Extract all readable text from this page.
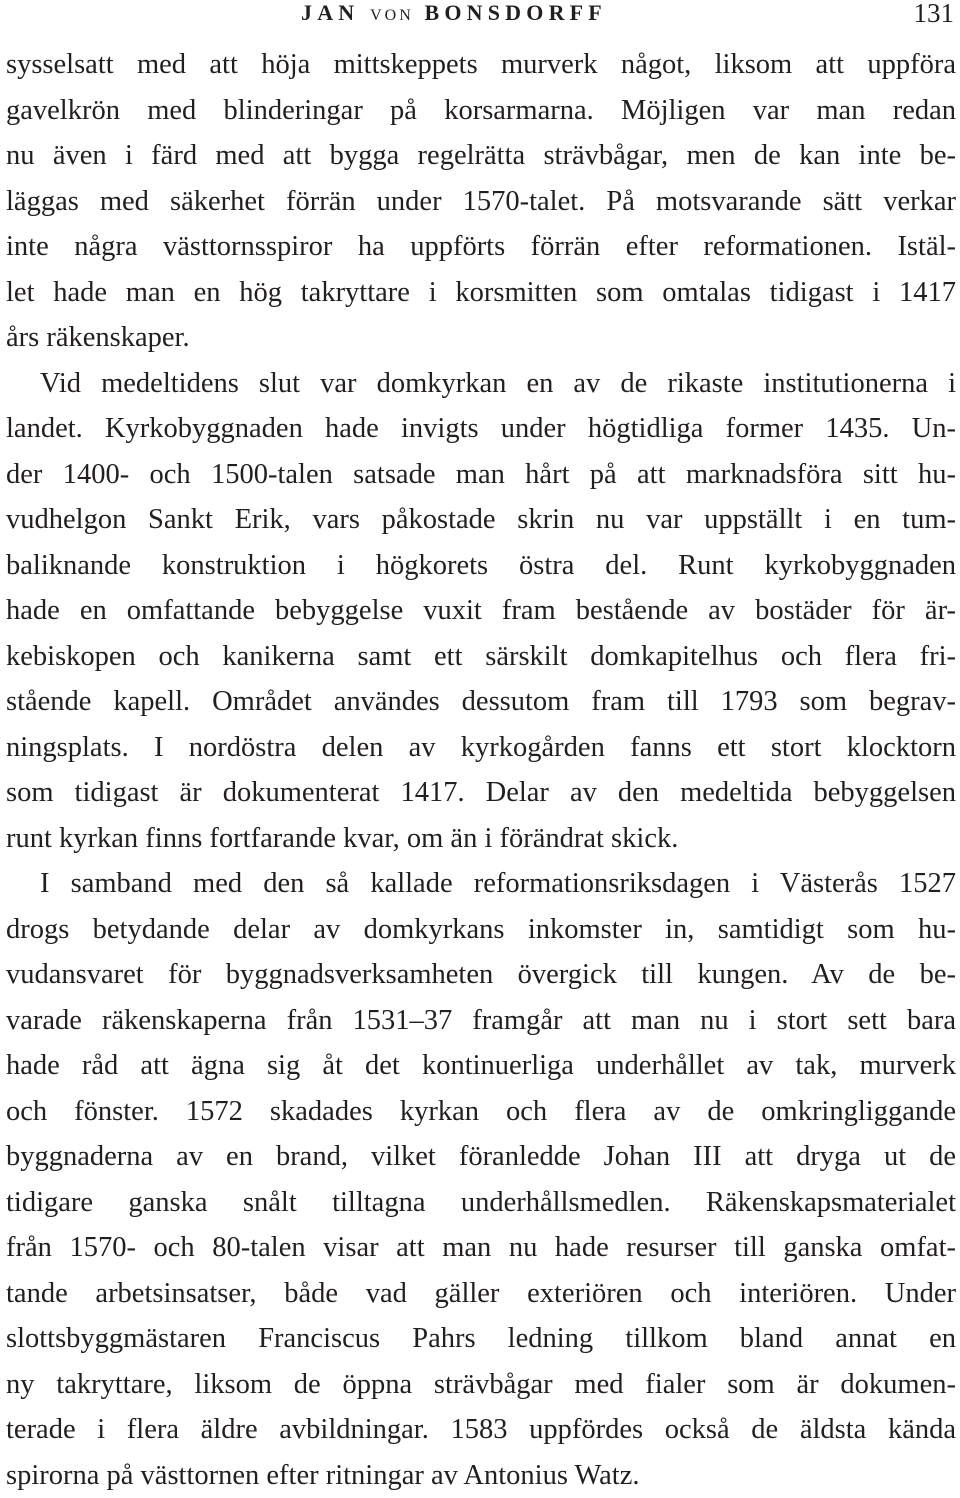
JAN VON BONSDORFF	131
sysselsatt med att höja mittskeppets murverk något, liksom att uppföra
gavelkrön med blinderingar på korsarmarna. Möjligen var man redan
nu även i färd med att bygga regelrätta strävbågar, men de kan inte be-
läggas med säkerhet förrän under 1570-talet. På motsvarande sätt verkar
inte några västtornsspiror ha uppförts förrän efter reformationen. Istäl-
let hade man en hög takryttare i korsmitten som omtalas tidigast i 1417
års räkenskaper.
Vid medeltidens slut var domkyrkan en av de rikaste institutionerna i
landet. Kyrkobyggnaden hade invigts under högtidliga former 1435. Un-
der 1400- och 1500-talen satsade man hårt på att marknadsföra sitt hu-
vudhelgon Sankt Erik, vars påkostade skrin nu var uppställt i en tum-
baliknande konstruktion i högkorets östra del. Runt kyrkobyggnaden
hade en omfattande bebyggelse vuxit fram bestående av bostäder för är-
kebiskopen och kanikerna samt ett särskilt domkapitelhus och flera fri-
stående kapell. Området användes dessutom fram till 1793 som begrav-
ningsplats. I nordöstra delen av kyrkogården fanns ett stort klocktorn
som tidigast är dokumenterat 1417. Delar av den medeltida bebyggelsen
runt kyrkan finns fortfarande kvar, om än i förändrat skick.
I samband med den så kallade reformationsriksdagen i Västerås 1527
drogs betydande delar av domkyrkans inkomster in, samtidigt som hu-
vudansvaret för byggnadsverksamheten övergick till kungen. Av de be-
varade räkenskaperna från 1531–37 framgår att man nu i stort sett bara
hade råd att ägna sig åt det kontinuerliga underhållet av tak, murverk
och fönster. 1572 skadades kyrkan och flera av de omkringliggande
byggnaderna av en brand, vilket föranledde Johan III att dryga ut de
tidigare ganska snålt tilltagna underhållsmedlen. Räkenskapsmaterialet
från 1570- och 80-talen visar att man nu hade resurser till ganska omfat-
tande arbetsinsatser, både vad gäller exteriören och interiören. Under
slottsbyggmästaren Franciscus Pahrs ledning tillkom bland annat en
ny takryttare, liksom de öppna strävbågar med fialer som är dokumen-
terade i flera äldre avbildningar. 1583 uppfördes också de äldsta kända
spirorna på västtornen efter ritningar av Antonius Watz.
